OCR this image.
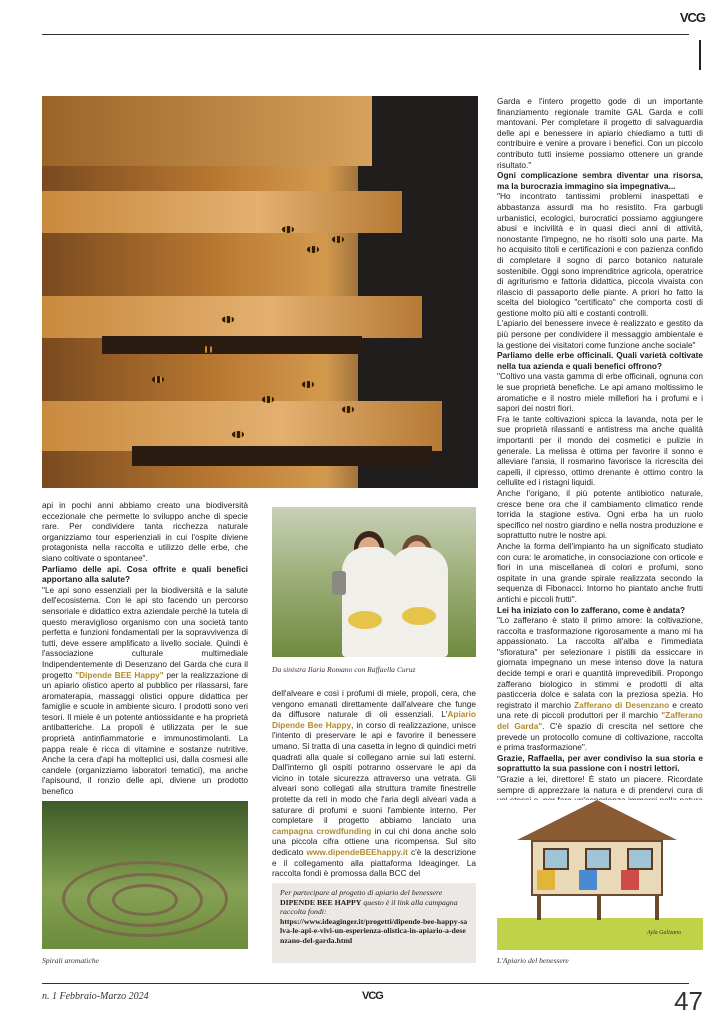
VCG

Garda e l'intero progetto gode di un importante finanziamento regionale tramite GAL Garda e colli mantovani. Per completare il progetto di salvaguardia delle api e benessere in apiario chiediamo a tutti di contribuire e venire a provare i benefici. Con un piccolo contributo tutti insieme possiamo ottenere un grande risultato."

Ogni complicazione sembra diventar una risorsa, ma la burocrazia immagino sia impegnativa...

"Ho incontrato tantissimi problemi inaspettati e abbastanza assurdi ma ho resistito. Fra garbugli urbanistici, ecologici, burocratici possiamo aggiungere abusi e incivilità e in quasi dieci anni di attività, nonostante l'impegno, ne ho risolti solo una parte. Ma ho acquisito titoli e certificazioni e con pazienza confido di completare il sogno di parco botanico naturale sostenibile. Oggi sono imprenditrice agricola, operatrice di agriturismo e fattoria didattica, piccola vivaista con rilascio di passaporto delle piante. A priori ho fatto la scelta del biologico "certificato" che comporta costi di gestione molto più alti e costanti controlli.

L'apiario del benessere invece è realizzato e gestito da più persone per condividere il messaggio ambientale e la gestione dei visitatori come funzione anche sociale"

Parliamo delle erbe officinali. Quali varietà coltivate nella tua azienda e quali benefici offrono?

"Coltivo una vasta gamma di erbe officinali, ognuna con le sue proprietà benefiche. Le api amano moltissimo le aromatiche e il nostro miele millefiori ha i profumi e i sapori dei nostri fiori.

Fra le tante coltivazioni spicca la lavanda, nota per le sue proprietà rilassanti e antistress ma anche qualità importanti per il mondo dei cosmetici e pulizie in generale. La melissa è ottima per favorire il sonno e alleviare l'ansia, il rosmarino favorisce la ricrescita dei capelli, il cipresso, ottimo drenante è ottimo contro la cellulite ed i ristagni liquidi.

Anche l'origano, il più potente antibiotico naturale, cresce bene ora che il cambiamento climatico rende torrida la stagione estiva. Ogni erba ha un ruolo specifico nel nostro giardino e nella nostra produzione e soprattutto nutre le nostre api.

Anche la forma dell'impianto ha un significato studiato con cura: le aromatiche, in consociazione con orticole e fiori in una miscellanea di colori e profumi, sono ospitate in una grande spirale realizzata secondo la sequenza di Fibonacci. Intorno ho piantato anche frutti antichi e piccoli frutti".

Lei ha iniziato con lo zafferano, come è andata?

"Lo zafferano è stato il primo amore: la coltivazione, raccolta e trasformazione rigorosamente a mano mi ha appassionato. La raccolta all'alba e l'immediata "sfioratura" per selezionare i pistilli da essiccare in giornata impegnano un mese intenso dove la natura decide tempi e orari e quantità imprevedibili. Propongo zafferano biologico in stimmi e prodotti di alta pasticceria dolce e salata con la preziosa spezia. Ho registrato il marchio Zafferano di Desenzano e creato una rete di piccoli produttori per il marchio "Zafferano del Garda". C'è spazio di crescita nel settore che prevede un protocollo comune di coltivazione, raccolta e prima trasformazione".

Grazie, Raffaella, per aver condiviso la sua storia e soprattutto la sua passione con i nostri lettori.

"Grazie a lei, direttore! È stato un piacere. Ricordate sempre di apprezzare la natura e di prendervi cura di

api in pochi anni abbiamo creato una biodiversità eccezionale che permette lo sviluppo anche di specie rare. Per condividere tanta ricchezza naturale organizziamo tour esperienziali in cui l'ospite diviene protagonista nella raccolta e utilizzo delle erbe, che siano coltivate o spontanee".

Parliamo delle api. Cosa offrite e quali benefici apportano alla salute?

"Le api sono essenziali per la biodiversità e la salute dell'ecosistema. Con le api sto facendo un percorso sensoriale e didattico extra aziendale perché la tutela di questo meraviglioso organismo con una società tanto perfetta e funzioni fondamentali per la sopravvivenza di tutti, deve essere amplificato a livello sociale. Quindi è l'associazione culturale multimediale Indipendentemente di Desenzano del Garda che cura il progetto "Dipende BEE Happy" per la realizzazione di un apiario olistico aperto al pubblico per rilassarsi, fare aromaterapia, massaggi olistici oppure didattica per famiglie e scuole in ambiente sicuro. I prodotti sono veri tesori. Il miele è un potente antiossidante e ha proprietà antibatteriche. La propoli è utilizzata per le sue proprietà antinfiammatorie e immunostimolanti. La pappa reale è ricca di vitamine e sostanze nutritive. Anche la cera d'api ha molteplici usi, dalla cosmesi alle candele (organizziamo laboratori tematici), ma anche l'apisound, il ronzio delle api, diviene un prodotto benefico

Da sinistra Ilaria Romano con Raffaella Curuz

dell'alveare e così i profumi di miele, propoli, cera, che vengono emanati direttamente dall'alveare che funge da diffusore naturale di oli essenziali. L'Apiario Dipende Bee Happy, in corso di realizzazione, unisce l'intento di preservare le api e favorire il benessere umano. Si tratta di una casetta in legno di quindici metri quadrati alla quale si collegano arnie sui lati esterni. Dall'interno gli ospiti potranno osservare le api da vicino in totale sicurezza attraverso una vetrata. Gli alveari sono collegati alla struttura tramite finestrelle protette da reti in modo che l'aria degli alveari vada a saturare di profumi e suoni l'ambiente interno. Per completare il progetto abbiamo lanciato una campagna crowdfunding in cui chi dona anche solo una piccola cifra ottiene una ricompensa. Sul sito dedicato www.dipendeBEEhappy.it c'è la descrizione e il collegamento alla piattaforma Ideaginger. La raccolta fondi è promossa dalla BCC del

Per partecipare al progetto di apiario del benessere DIPENDE BEE HAPPY questo è il link alla campagna raccolta fondi:
https://www.ideaginger.it/progetti/dipende-bee-happy-salva-le-api-e-vivi-un-esperienza-olistica-in-apiario-a-desenzano-del-garda.html
Spirali aromatiche
Ayla Galizano
L'Apiario del benessere
n. 1 Febbraio-Marzo 2024	VCG	47
